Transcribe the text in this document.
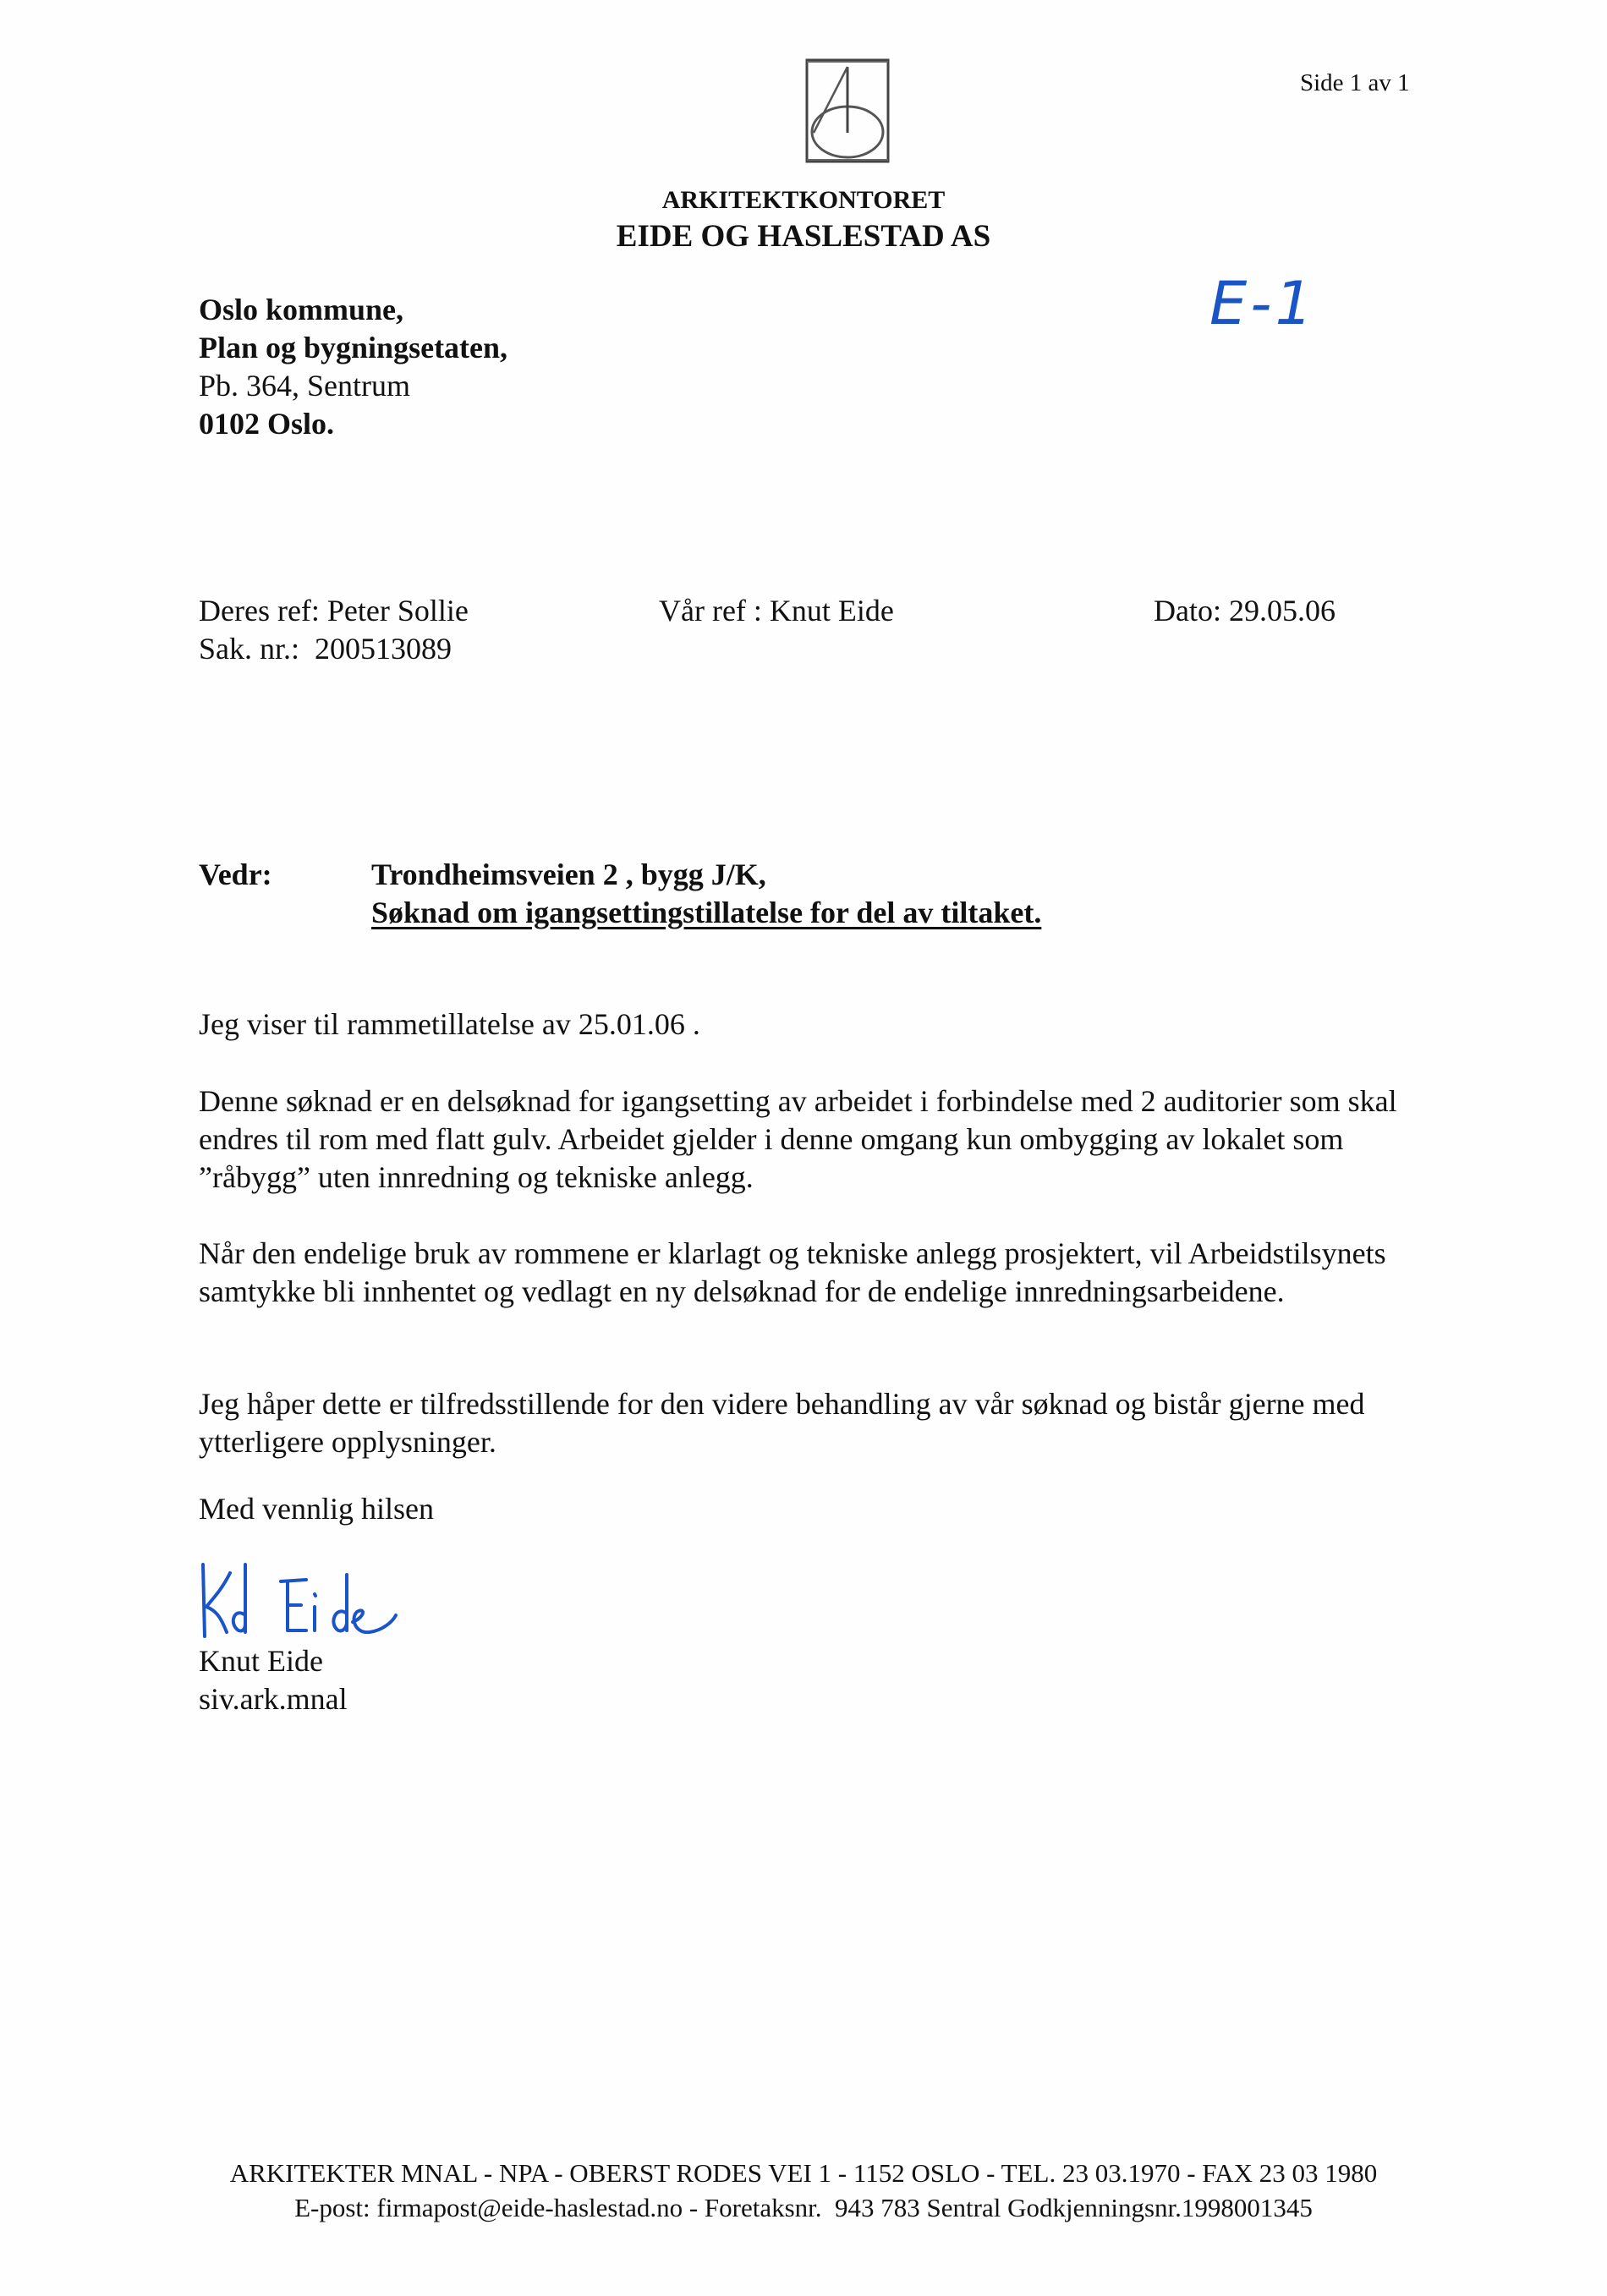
Side 1 av 1
ARKITEKTKONTORET
EIDE OG HASLESTAD AS
E-1
Oslo kommune,
Plan og bygningsetaten,
Pb. 364, Sentrum
0102 Oslo.
Deres ref: Peter Sollie
Sak. nr.:  200513089
Vår ref : Knut Eide	Dato: 29.05.06
Vedr:	Trondheimsveien 2 , bygg J/K,
Søknad om igangsettingstillatelse for del av tiltaket.
Jeg viser til rammetillatelse av 25.01.06 .
Denne søknad er en delsøknad for igangsetting av arbeidet i forbindelse med 2 auditorier som skal
endres til rom med flatt gulv. Arbeidet gjelder i denne omgang kun ombygging av lokalet som
”råbygg” uten innredning og tekniske anlegg.
Når den endelige bruk av rommene er klarlagt og tekniske anlegg prosjektert, vil Arbeidstilsynets
samtykke bli innhentet og vedlagt en ny delsøknad for de endelige innredningsarbeidene.
Jeg håper dette er tilfredsstillende for den videre behandling av vår søknad og bistår gjerne med
ytterligere opplysninger.
Med vennlig hilsen
Knut Eide
siv.ark.mnal
ARKITEKTER MNAL - NPA - OBERST RODES VEI 1 - 1152 OSLO - TEL. 23 03.1970 - FAX 23 03 1980
E-post: firmapost@eide-haslestad.no - Foretaksnr.  943 783 Sentral Godkjenningsnr.1998001345
